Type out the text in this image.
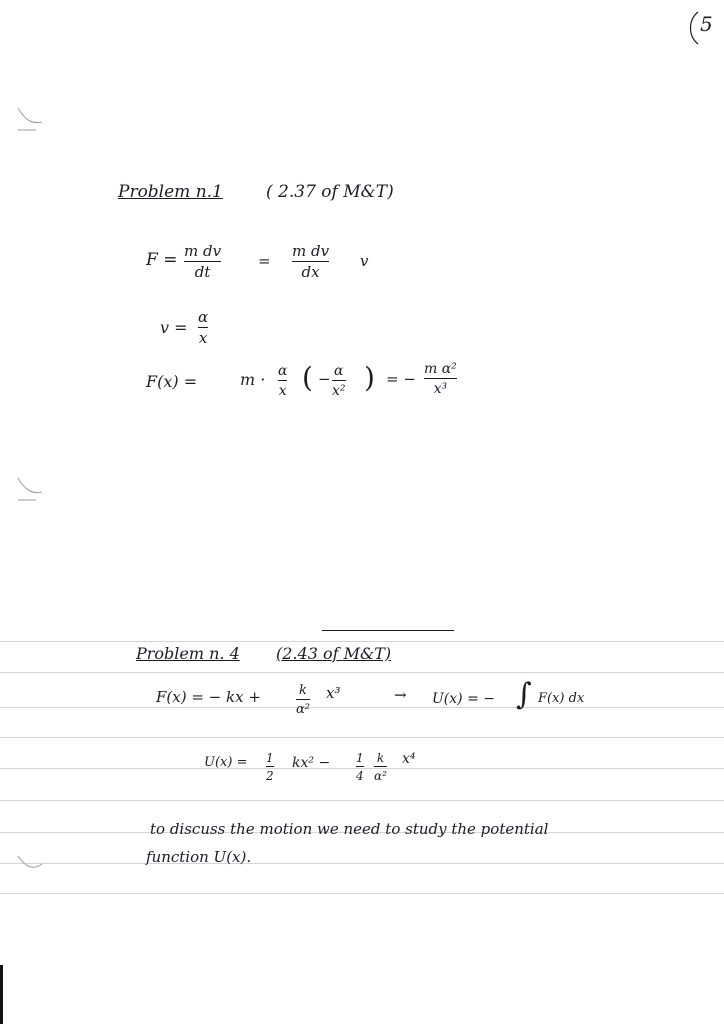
5
Problem n.1	( 2.37 of M&T)
$F = \frac{\text{m dv}}{dt} = \frac{\text{m dv}}{dx}$ v
$v = \frac{\alpha}{x}$
F(x) =	$m \cdot \frac{\alpha}{x}$ ( − $\frac{\alpha}{\text{x²}}$ ) = − $\frac{\text{m α²}}{\text{x³}}$
Problem n. 4 (2.43 of M&T)
F(x) = − kx +	$\frac{k}{\text{α²}} x^3$	→ U(x) = − ∫ F(x) dx
$U(x) = \frac{1}{2} kx^2 - \frac{1}{4} \frac{k}{\text{α²}} x^4$
to discuss the motion we need to study the potential
function U(x).
